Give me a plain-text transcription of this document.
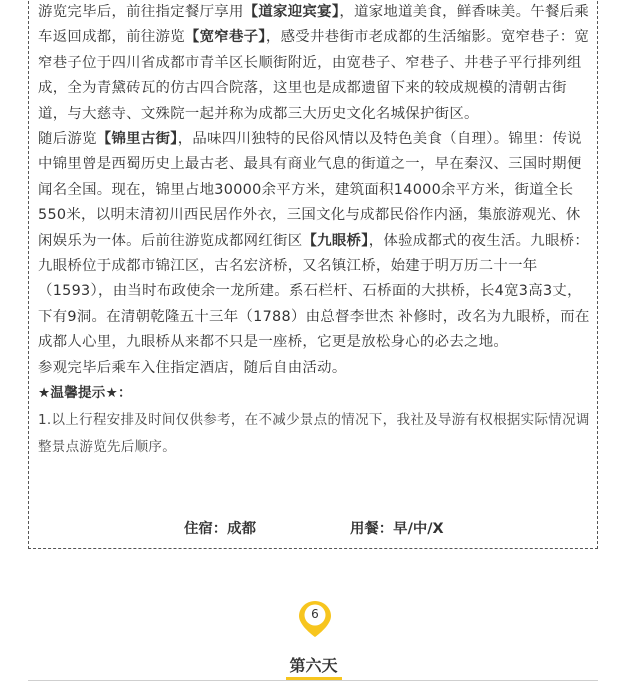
游览完毕后，前往指定餐厅享用【道家迎宾宴】，道家地道美食，鲜香味美。午餐后乘车返回成都，前往游览【宽窄巷子】，感受井巷街市老成都的生活缩影。宽窄巷子：宽窄巷子位于四川省成都市青羊区长顺街附近，由宽巷子、窄巷子、井巷子平行排列组成，全为青黛砖瓦的仿古四合院落，这里也是成都遗留下来的较成规模的清朝古街道，与大慈寺、文殊院一起并称为成都三大历史文化名城保护街区。

随后游览【锦里古街】，品味四川独特的民俗风情以及特色美食（自理）。锦里：传说中锦里曾是西蜀历史上最古老、最具有商业气息的街道之一，早在秦汉、三国时期便闻名全国。现在，锦里占地30000余平方米，建筑面积14000余平方米，街道全长550米，以明末清初川西民居作外衣，三国文化与成都民俗作内涵，集旅游观光、休闲娱乐为一体。后前往游览成都网红街区【九眼桥】，体验成都式的夜生活。九眼桥：九眼桥位于成都市锦江区，古名宏济桥，又名镇江桥，始建于明万历二十一年（1593），由当时布政使余一龙所建。系石栏杆、石桥面的大拱桥，长4宽3高3丈，下有9洞。在清朝乾隆五十三年（1788）由总督李世杰 补修时，改名为九眼桥，而在成都人心里，九眼桥从来都不只是一座桥，它更是放松身心的必去之地。

参观完毕后乘车入住指定酒店，随后自由活动。

★温馨提示★：

1.以上行程安排及时间仅供参考，在不减少景点的情况下，我社及导游有权根据实际情况调整景点游览先后顺序。

住宿：成都	用餐：早/中/X
6
第六天
